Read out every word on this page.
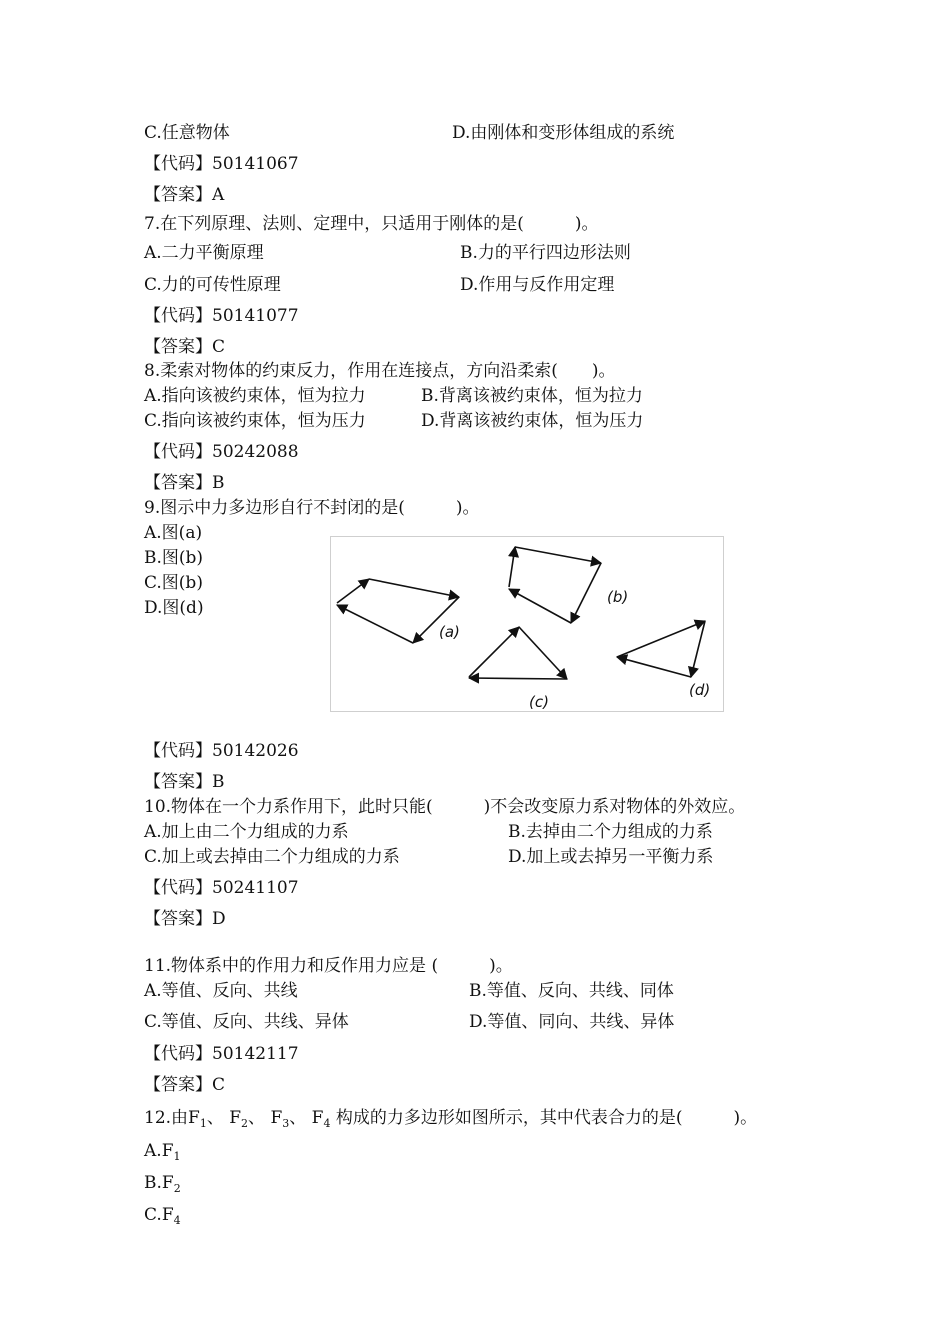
C.任意物体	D.由刚体和变形体组成的系统
【代码】50141067
【答案】A
7.在下列原理、法则、定理中，只适用于刚体的是(　　　)。
A.二力平衡原理	B.力的平行四边形法则
C.力的可传性原理	D.作用与反作用定理
【代码】50141077
【答案】C
8.柔索对物体的约束反力，作用在连接点，方向沿柔索(　　)。
A.指向该被约束体，恒为拉力	B.背离该被约束体，恒为拉力
C.指向该被约束体，恒为压力	D.背离该被约束体，恒为压力
【代码】50242088
【答案】B
9.图示中力多边形自行不封闭的是(　　　)。
A.图(a)
B.图(b)
C.图(b)
D.图(d)
(a)
(b)
(c)
(d)
【代码】50142026
【答案】B
10.物体在一个力系作用下，此时只能(　　　)不会改变原力系对物体的外效应。
A.加上由二个力组成的力系	B.去掉由二个力组成的力系
C.加上或去掉由二个力组成的力系	D.加上或去掉另一平衡力系
【代码】50241107
【答案】D
11.物体系中的作用力和反作用力应是 (　　　)。
A.等值、反向、共线	B.等值、反向、共线、同体
C.等值、反向、共线、异体	D.等值、同向、共线、异体
【代码】50142117
【答案】C
12.由$F_1$、 $F_2$、 $F_3$、 $F_4$ 构成的力多边形如图所示，其中代表合力的是(　　　)。
$A.F_1$
$B.F_2$
$C.F_4$
